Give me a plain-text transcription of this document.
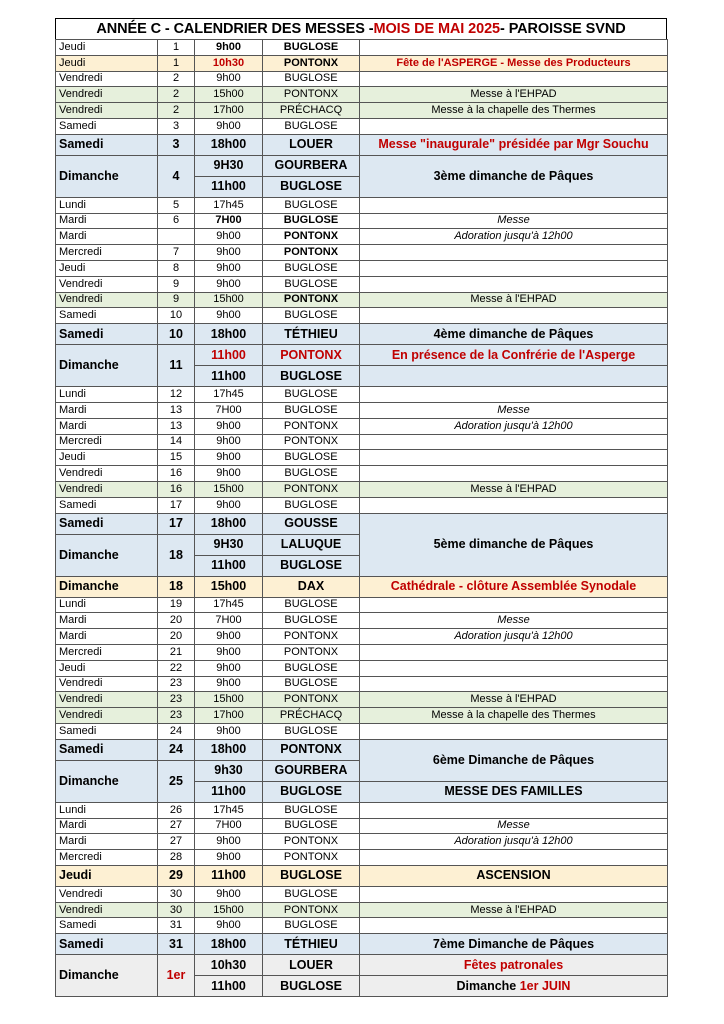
ANNÉE C - CALENDRIER DES MESSES - MOIS DE MAI 2025 - PAROISSE SVND
Jeudi	1	9h00	BUGLOSE	
Jeudi	1	10h30	PONTONX	Fête de l'ASPERGE - Messe des Producteurs
Vendredi	2	9h00	BUGLOSE	
Vendredi	2	15h00	PONTONX	Messe à l'EHPAD
Vendredi	2	17h00	PRÉCHACQ	Messe à la chapelle des Thermes
Samedi	3	9h00	BUGLOSE	
Samedi	3	18h00	LOUER	Messe "inaugurale" présidée par Mgr Souchu
Dimanche	4	9H30	GOURBERA	3ème dimanche de Pâques
		11h00	BUGLOSE	
Lundi	5	17h45	BUGLOSE	
Mardi	6	7H00	BUGLOSE	Messe
Mardi		9h00	PONTONX	Adoration jusqu'à 12h00
Mercredi	7	9h00	PONTONX	
Jeudi	8	9h00	BUGLOSE	
Vendredi	9	9h00	BUGLOSE	
Vendredi	9	15h00	PONTONX	Messe à l'EHPAD
Samedi	10	9h00	BUGLOSE	
Samedi	10	18h00	TÉTHIEU	4ème dimanche de Pâques
Dimanche	11	11h00	PONTONX	En présence de la Confrérie de l'Asperge
		11h00	BUGLOSE	
Lundi	12	17h45	BUGLOSE	
Mardi	13	7H00	BUGLOSE	Messe
Mardi	13	9h00	PONTONX	Adoration jusqu'à 12h00
Mercredi	14	9h00	PONTONX	
Jeudi	15	9h00	BUGLOSE	
Vendredi	16	9h00	BUGLOSE	
Vendredi	16	15h00	PONTONX	Messe à l'EHPAD
Samedi	17	9h00	BUGLOSE	
Samedi	17	18h00	GOUSSE	5ème dimanche de Pâques
Dimanche	18	9H30	LALUQUE	
		11h00	BUGLOSE	
Dimanche	18	15h00	DAX	Cathédrale - clôture Assemblée Synodale
Lundi	19	17h45	BUGLOSE	
Mardi	20	7H00	BUGLOSE	Messe
Mardi	20	9h00	PONTONX	Adoration jusqu'à 12h00
Mercredi	21	9h00	PONTONX	
Jeudi	22	9h00	BUGLOSE	
Vendredi	23	9h00	BUGLOSE	
Vendredi	23	15h00	PONTONX	Messe à l'EHPAD
Vendredi	23	17h00	PRÉCHACQ	Messe à la chapelle des Thermes
Samedi	24	9h00	BUGLOSE	
Samedi	24	18h00	PONTONX	6ème Dimanche de Pâques
Dimanche	25	9h30	GOURBERA	
		11h00	BUGLOSE	MESSE DES FAMILLES
Lundi	26	17h45	BUGLOSE	
Mardi	27	7H00	BUGLOSE	Messe
Mardi	27	9h00	PONTONX	Adoration jusqu'à 12h00
Mercredi	28	9h00	PONTONX	
Jeudi	29	11h00	BUGLOSE	ASCENSION
Vendredi	30	9h00	BUGLOSE	
Vendredi	30	15h00	PONTONX	Messe à l'EHPAD
Samedi	31	9h00	BUGLOSE	
Samedi	31	18h00	TÉTHIEU	7ème Dimanche de Pâques
Dimanche	1er	10h30	LOUER	Fêtes patronales
		11h00	BUGLOSE	Dimanche 1er JUIN
